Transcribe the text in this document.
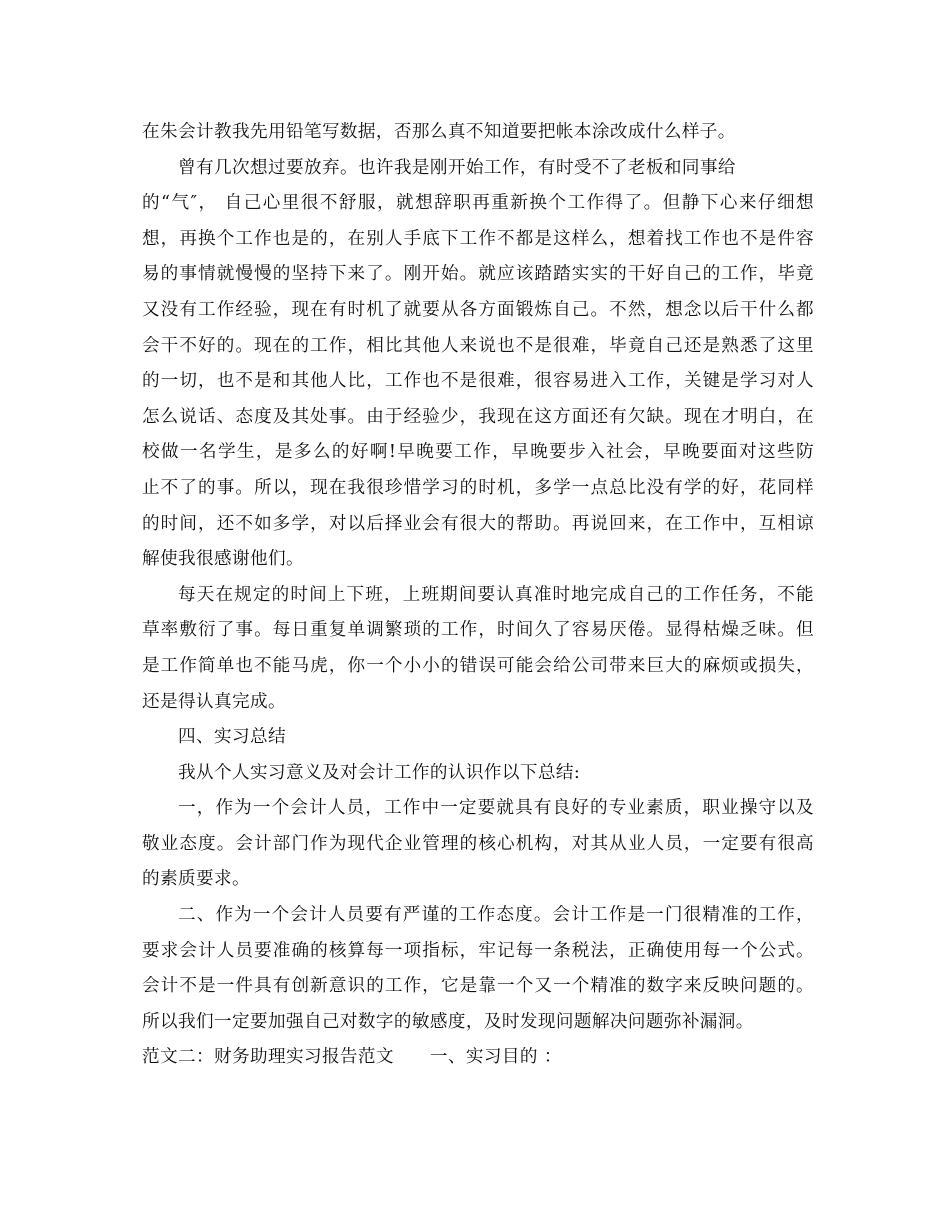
在朱会计教我先用铅笔写数据，否那么真不知道要把帐本涂改成什么样子。
曾有几次想过要放弃。也许我是刚开始工作，有时受不了老板和同事给
的“气″， 自己心里很不舒服，就想辞职再重新换个工作得了。但静下心来仔细想
想，再换个工作也是的，在别人手底下工作不都是这样么，想着找工作也不是件容
易的事情就慢慢的坚持下来了。刚开始。就应该踏踏实实的干好自己的工作，毕竟
又没有工作经验，现在有时机了就要从各方面锻炼自己。不然，想念以后干什么都
会干不好的。现在的工作，相比其他人来说也不是很难，毕竟自己还是熟悉了这里
的一切，也不是和其他人比，工作也不是很难，很容易进入工作，关键是学习对人
怎么说话、态度及其处事。由于经验少，我现在这方面还有欠缺。现在才明白，在
校做一名学生，是多么的好啊!早晚要工作，早晚要步入社会，早晚要面对这些防
止不了的事。所以，现在我很珍惜学习的时机，多学一点总比没有学的好，花同样
的时间，还不如多学，对以后择业会有很大的帮助。再说回来，在工作中，互相谅
解使我很感谢他们。
每天在规定的时间上下班，上班期间要认真准时地完成自己的工作任务，不能
草率敷衍了事。每日重复单调繁琐的工作，时间久了容易厌倦。显得枯燥乏味。但
是工作简单也不能马虎，你一个小小的错误可能会给公司带来巨大的麻烦或损失，
还是得认真完成。
四、实习总结
我从个人实习意义及对会计工作的认识作以下总结:
一，作为一个会计人员，工作中一定要就具有良好的专业素质，职业操守以及
敬业态度。会计部门作为现代企业管理的核心机构，对其从业人员，一定要有很高
的素质要求。
二、作为一个会计人员要有严谨的工作态度。会计工作是一门很精准的工作，
要求会计人员要准确的核算每一项指标，牢记每一条税法，正确使用每一个公式。
会计不是一件具有创新意识的工作，它是靠一个又一个精准的数字来反映问题的。
所以我们一定要加强自己对数字的敏感度，及时发现问题解决问题弥补漏洞。
范文二：财务助理实习报告范文　　一、实习目的 ：
